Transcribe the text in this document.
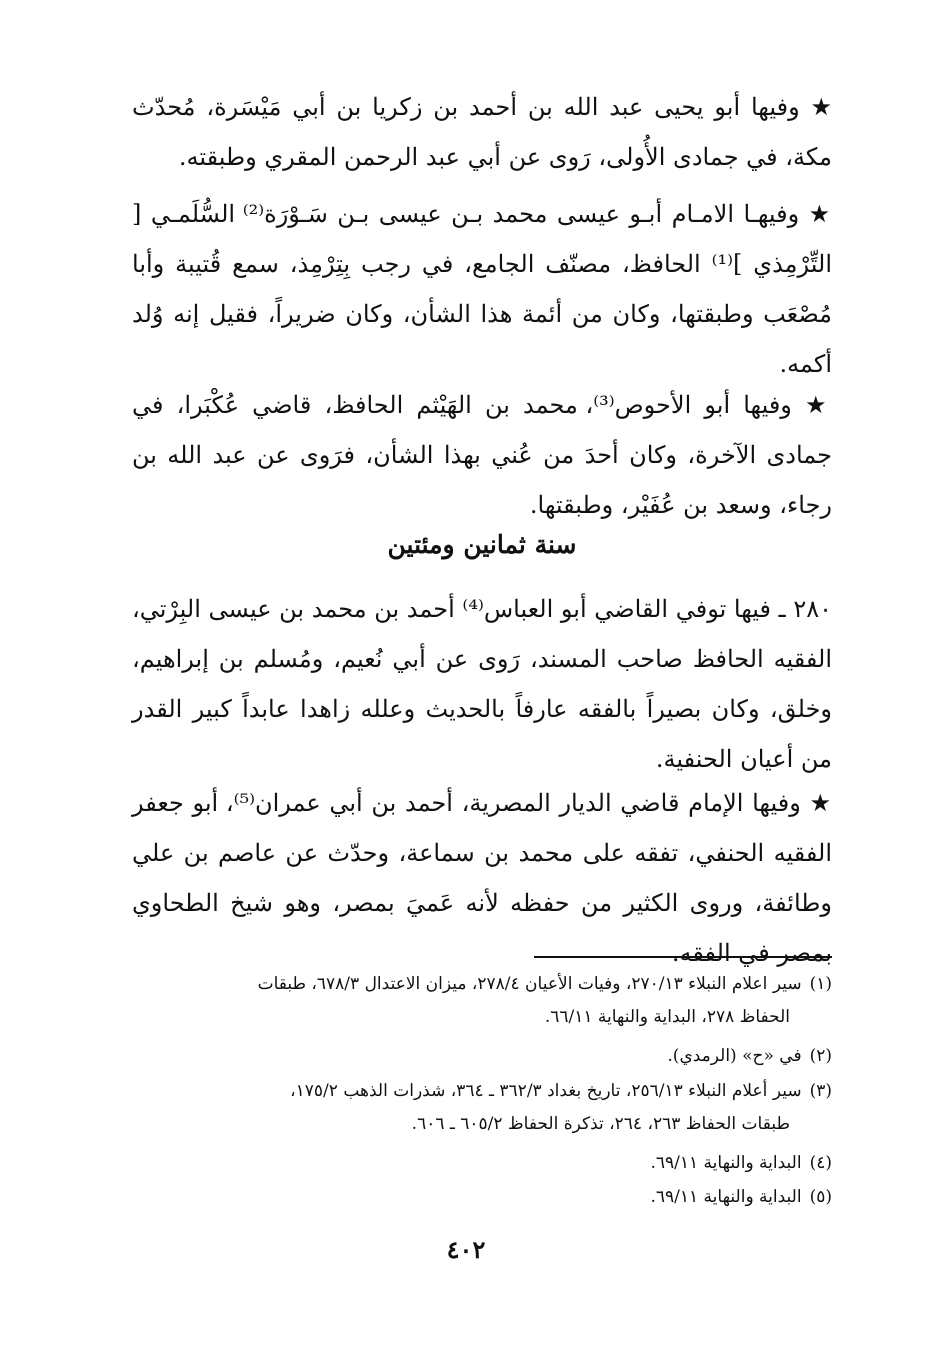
★ وفيها أبو يحيى عبد الله بن أحمد بن زكريا بن أبي مَيْسَرة، مُحدّث مكة، في جمادى الأُولى، رَوى عن أبي عبد الرحمن المقري وطبقته.

★ وفيهـا الامـام أبـو عيسى محمد بـن عيسى بـن سَـوْرَة⁽²⁾ السُّلَمـي [ التِّرْمِذي ]⁽¹⁾ الحافظ، مصنّف الجامع، في رجب بِتِرْمِذ، سمع قُتيبة وأبا مُصْعَب وطبقتها، وكان من أئمة هذا الشأن، وكان ضريراً، فقيل إنه وُلد أكمه.

★ وفيها أبو الأحوص⁽³⁾، محمد بن الهَيْثم الحافظ، قاضي عُكْبَرا، في جمادى الآخرة، وكان أحدَ من عُني بهذا الشأن، فرَوى عن عبد الله بن رجاء، وسعد بن عُفَيْر، وطبقتها.

سنة ثمانين ومئتين

٢٨٠ ـ فيها توفي القاضي أبو العباس⁽⁴⁾ أحمد بن محمد بن عيسى البِرْتي، الفقيه الحافظ صاحب المسند، رَوى عن أبي نُعيم، ومُسلم بن إبراهيم، وخلق، وكان بصيراً بالفقه عارفاً بالحديث وعلله زاهدا عابداً كبير القدر من أعيان الحنفية.

★ وفيها الإمام قاضي الديار المصرية، أحمد بن أبي عمران⁽⁵⁾، أبو جعفر الفقيه الحنفي، تفقه على محمد بن سماعة، وحدّث عن عاصم بن علي وطائفة، وروى الكثير من حفظه لأنه عَميَ بمصر، وهو شيخ الطحاوي بمصر في الفقه.

(١)سير اعلام النبلاء ٢٧٠/١٣، وفيات الأعيان ٢٧٨/٤، ميزان الاعتدال ٦٧٨/٣، طبقات
الحفاظ ٢٧٨، البداية والنهاية ٦٦/١١.
(٢)في «ح» (الرمدي).
(٣)سير أعلام النبلاء ٢٥٦/١٣، تاريخ بغداد ٣٦٢/٣ ـ ٣٦٤، شذرات الذهب ١٧٥/٢،
طبقات الحفاظ ٢٦٣، ٢٦٤، تذكرة الحفاظ ٦٠٥/٢ ـ ٦٠٦.
(٤)البداية والنهاية ٦٩/١١.
(٥)البداية والنهاية ٦٩/١١.
٤٠٢
